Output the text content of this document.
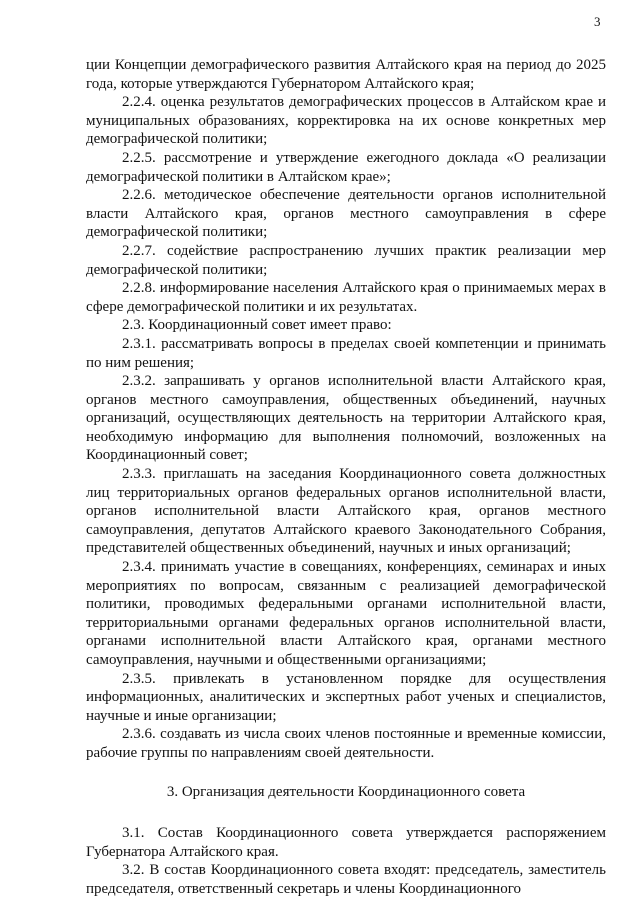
3

ции Концепции демографического развития Алтайского края на период до 2025 года, которые утверждаются Губернатором Алтайского края;

2.2.4. оценка результатов демографических процессов в Алтайском крае и муниципальных образованиях, корректировка на их основе конкретных мер демографической политики;

2.2.5. рассмотрение и утверждение ежегодного доклада «О реализации демографической политики в Алтайском крае»;

2.2.6. методическое обеспечение деятельности органов исполнительной власти Алтайского края, органов местного самоуправления в сфере демографической политики;

2.2.7. содействие распространению лучших практик реализации мер демографической политики;

2.2.8. информирование населения Алтайского края о принимаемых мерах в сфере демографической политики и их результатах.

2.3. Координационный совет имеет право:

2.3.1. рассматривать вопросы в пределах своей компетенции и принимать по ним решения;

2.3.2. запрашивать у органов исполнительной власти Алтайского края, органов местного самоуправления, общественных объединений, научных организаций, осуществляющих деятельность на территории Алтайского края, необходимую информацию для выполнения полномочий, возложенных на Координационный совет;

2.3.3. приглашать на заседания Координационного совета должностных лиц территориальных органов федеральных органов исполнительной власти, органов исполнительной власти Алтайского края, органов местного самоуправления, депутатов Алтайского краевого Законодательного Собрания, представителей общественных объединений, научных и иных организаций;

2.3.4. принимать участие в совещаниях, конференциях, семинарах и иных мероприятиях по вопросам, связанным с реализацией демографической политики, проводимых федеральными органами исполнительной власти, территориальными органами федеральных органов исполнительной власти, органами исполнительной власти Алтайского края, органами местного самоуправления, научными и общественными организациями;

2.3.5. привлекать в установленном порядке для осуществления информационных, аналитических и экспертных работ ученых и специалистов, научные и иные организации;

2.3.6. создавать из числа своих членов постоянные и временные комиссии, рабочие группы по направлениям своей деятельности.

3. Организация деятельности Координационного совета

3.1. Состав Координационного совета утверждается распоряжением Губернатора Алтайского края.

3.2. В состав Координационного совета входят: председатель, заместитель председателя, ответственный секретарь и члены Координационного
